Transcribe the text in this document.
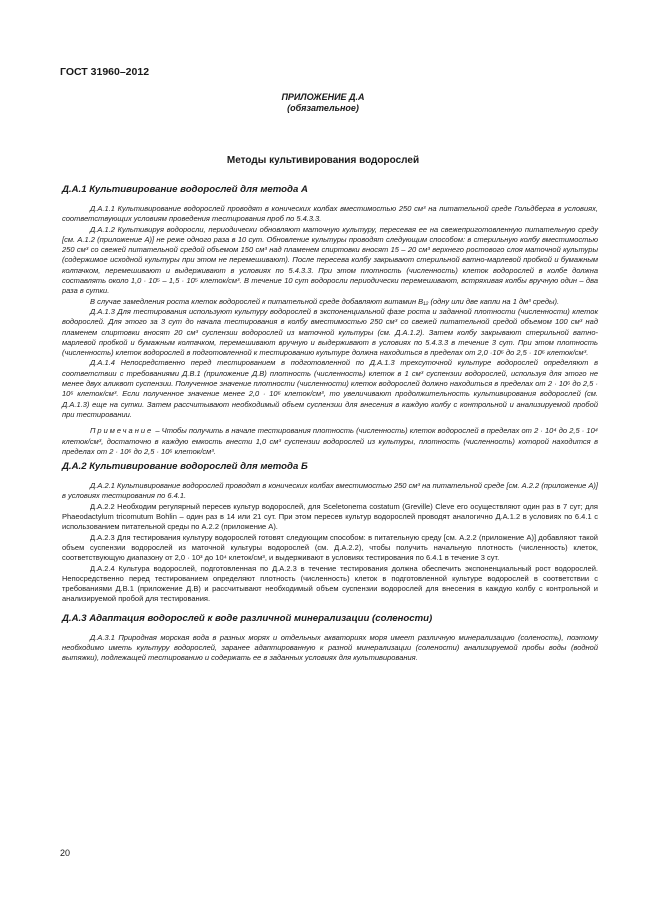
ГОСТ 31960–2012
ПРИЛОЖЕНИЕ Д.А
(обязательное)
Методы культивирования водорослей
Д.А.1 Культивирование водорослей для метода А

Д.А.1.1 Культивирование водорослей проводят в конических колбах вместимостью 250 см³ на питательной среде Гольдберга в условиях, соответствующих условиям проведения тестирования проб по 5.4.3.3.

Д.А.1.2 Культивируя водоросли, периодически обновляют маточную культуру, пересевая ее на свежеприготовленную питательную среду [см. А.1.2 (приложение А)] не реже одного раза в 10 сут. Обновление культуры проводят следующим способом: в стерильную колбу вместимостью 250 см³ со свежей питательной средой объемом 150 см³ над пламенем спиртовки вносят 15 – 20 см³ верхнего ростового слоя маточной культуры (содержимое исходной культуры при этом не перемешивают). После пересева колбу закрывают стерильной ватно-марлевой пробкой и бумажным колпачком, перемешивают и выдерживают в условиях по 5.4.3.3. При этом плотность (численность) клеток водорослей в колбе должна составлять около 1,0 · 10⁵ – 1,5 · 10⁵ клеток/см³. В течение 10 сут водоросли периодически перемешивают, встряхивая колбы вручную один – два раза в сутки.

В случае замедления роста клеток водорослей к питательной среде добавляют витамин B₁₂ (одну или две капли на 1 дм³ среды).

Д.А.1.3 Для тестирования используют культуру водорослей в экспоненциальной фазе роста и заданной плотности (численности) клеток водорослей. Для этого за 3 сут до начала тестирования в колбу вместимостью 250 см³ со свежей питательной средой объемом 100 см³ над пламенем спиртовки вносят 20 см³ суспензии водорослей из маточной культуры (см. Д.А.1.2). Затем колбу закрывают стерильной ватно-марлевой пробкой и бумажным колпачком, перемешивают вручную и выдерживают в условиях по 5.4.3.3 в течение 3 сут. При этом плотность (численность) клеток водорослей в подготовленной к тестированию культуре должна находиться в пределах от 2,0 ·10⁶ до 2,5 · 10⁶ клеток/см³.

Д.А.1.4 Непосредственно перед тестированием в подготовленной по Д.А.1.3 трехсуточной культуре водорослей определяют в соответствии с требованиями Д.В.1 (приложение Д.В) плотность (численность) клеток в 1 см³ суспензии водорослей, используя для этого не менее двух аликвот суспензии. Полученное значение плотности (численности) клеток водорослей должно находиться в пределах от 2 · 10⁶ до 2,5 · 10⁶ клеток/см³. Если полученное значение менее 2,0 · 10⁶ клеток/см³, то увеличивают продолжительность культивирования водорослей (см. Д.А.1.3) еще на сутки. Затем рассчитывают необходимый объем суспензии для внесения в каждую колбу с контрольной и анализируемой пробой при тестировании.

Примечание – Чтобы получить в начале тестирования плотность (численность) клеток водорослей в пределах от 2 · 10⁴ до 2,5 · 10⁴ клеток/см³, достаточно в каждую емкость внести 1,0 см³ суспензии водорослей из культуры, плотность (численность) которой находится в пределах от 2 · 10⁶ до 2,5 · 10⁶ клеток/см³.

Д.А.2 Культивирование водорослей для метода Б

Д.А.2.1 Культивирование водорослей проводят в конических колбах вместимостью 250 см³ на питательной среде [см. А.2.2 (приложение А)] в условиях тестирования по 6.4.1.

Д.А.2.2 Необходим регулярный пересев культур водорослей, для Sceletonema costatum (Greville) Cleve его осуществляют один раз в 7 сут; для Phaeodactylum tricomutum Bohlin – один раз в 14 или 21 сут. При этом пересев культур водорослей проводят аналогично Д.А.1.2 в условиях по 6.4.1 с использованием питательной среды по А.2.2 (приложение А).

Д.А.2.3 Для тестирования культуру водорослей готовят следующим способом: в питательную среду [см. А.2.2 (приложение А)] добавляют такой объем суспензии водорослей из маточной культуры водорослей (см. Д.А.2.2), чтобы получить начальную плотность (численность) клеток, соответствующую диапазону от 2,0 · 10³ до 10⁴ клеток/см³, и выдерживают в условиях тестирования по 6.4.1 в течение 3 сут.

Д.А.2.4 Культура водорослей, подготовленная по Д.А.2.3 в течение тестирования должна обеспечить экспоненциальный рост водорослей. Непосредственно перед тестированием определяют плотность (численность) клеток в подготовленной культуре водорослей в соответствии с требованиями Д.В.1 (приложение Д.В) и рассчитывают необходимый объем суспензии водорослей для внесения в каждую колбу с контрольной и анализируемой пробой для тестирования.

Д.А.3 Адаптация водорослей к воде различной минерализации (солености)

Д.А.3.1 Природная морская вода в разных морях и отдельных акваториях моря имеет различную минерализацию (соленость), поэтому необходимо иметь культуру водорослей, заранее адаптированную к разной минерализации (солености) анализируемой пробы воды (водной вытяжки), подлежащей тестированию и содержать ее в заданных условиях для культивирования.

20
